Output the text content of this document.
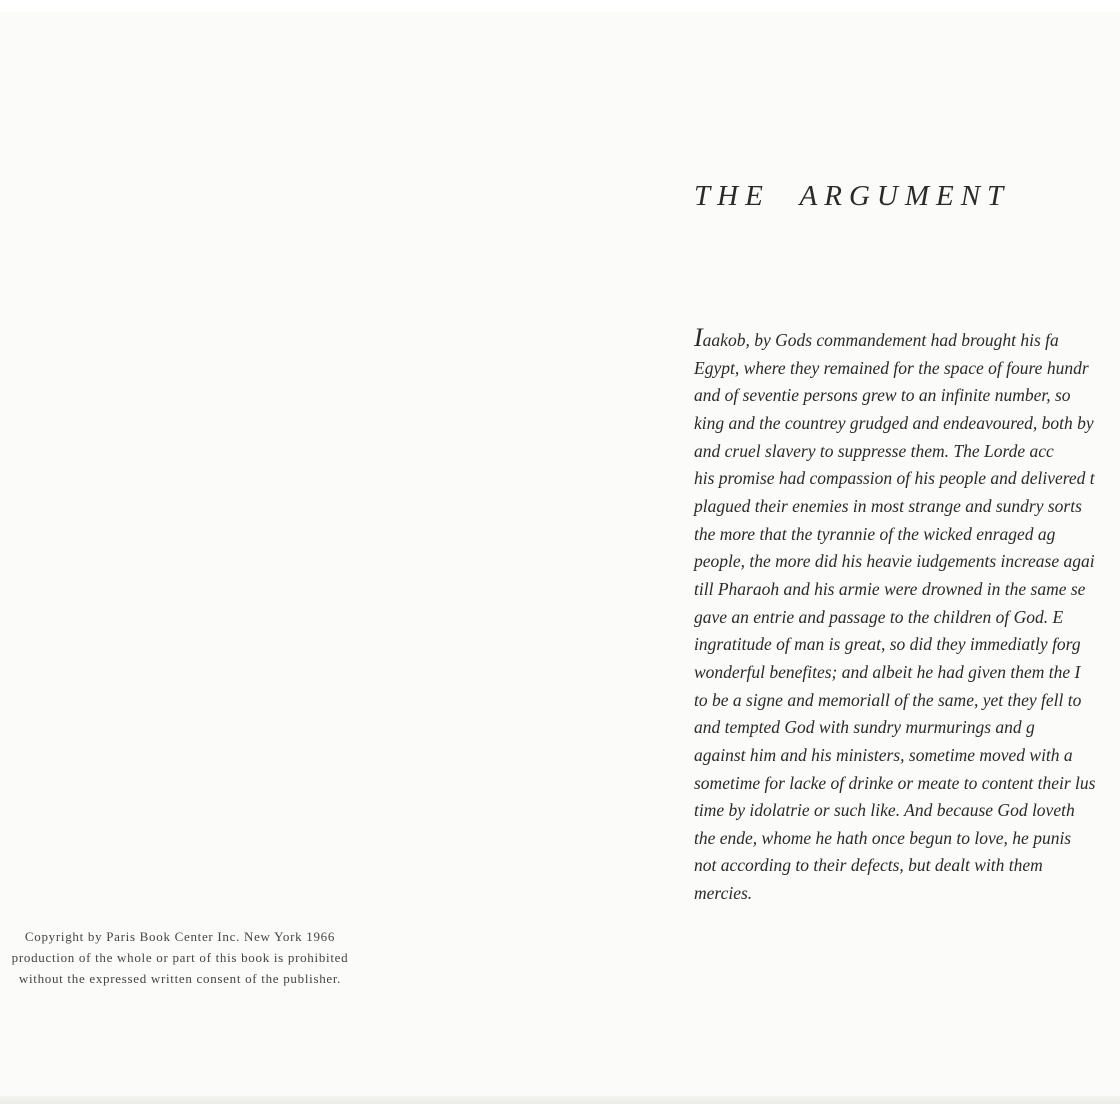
Copyright by Paris Book Center Inc. New York 1966
production of the whole or part of this book is prohibited
without the expressed written consent of the publisher.
THE ARGUMENT
Iaakob, by Gods commandement had brought his fa
Egypt, where they remained for the space of foure hundr
and of seventie persons grew to an infinite number, so
king and the countrey grudged and endeavoured, both by
and cruel slavery to suppresse them. The Lorde acc
his promise had compassion of his people and delivered t
plagued their enemies in most strange and sundry sorts
the more that the tyrannie of the wicked enraged ag
people, the more did his heavie iudgements increase agai
till Pharaoh and his armie were drowned in the same se
gave an entrie and passage to the children of God. E
ingratitude of man is great, so did they immediatly forg
wonderful benefites; and albeit he had given them the I
to be a signe and memoriall of the same, yet they fell to
and tempted God with sundry murmurings and g
against him and his ministers, sometime moved with a
sometime for lacke of drinke or meate to content their lus
time by idolatrie or such like. And because God loveth
the ende, whome he hath once begun to love, he punis
not according to their defects, but dealt with them
mercies.
